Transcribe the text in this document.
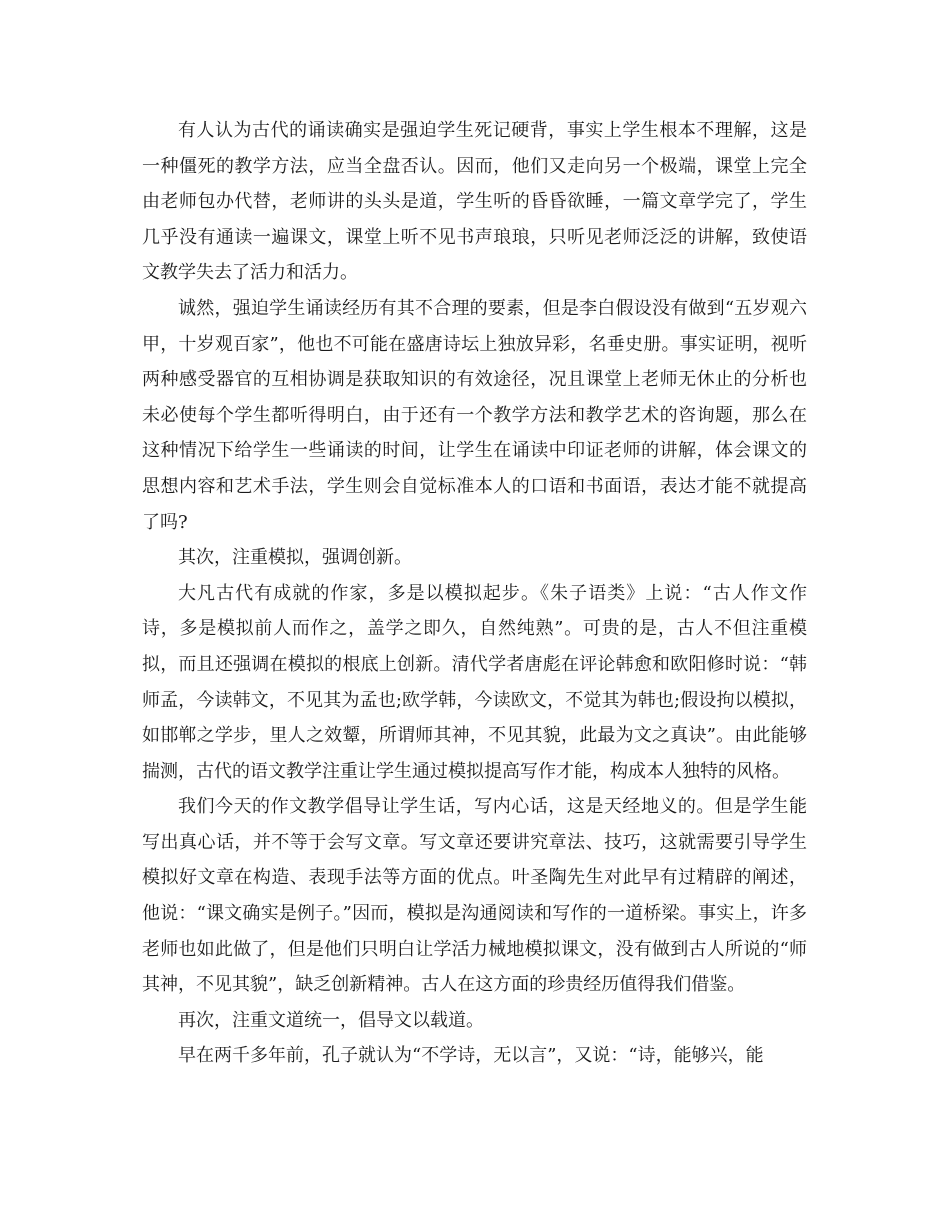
有人认为古代的诵读确实是强迫学生死记硬背，事实上学生根本不理解，这是一种僵死的教学方法，应当全盘否认。因而，他们又走向另一个极端，课堂上完全由老师包办代替，老师讲的头头是道，学生听的昏昏欲睡，一篇文章学完了，学生几乎没有通读一遍课文，课堂上听不见书声琅琅，只听见老师泛泛的讲解，致使语文教学失去了活力和活力。

诚然，强迫学生诵读经历有其不合理的要素，但是李白假设没有做到“五岁观六甲，十岁观百家”，他也不可能在盛唐诗坛上独放异彩，名垂史册。事实证明，视听两种感受器官的互相协调是获取知识的有效途径，况且课堂上老师无休止的分析也未必使每个学生都听得明白，由于还有一个教学方法和教学艺术的咨询题，那么在这种情况下给学生一些诵读的时间，让学生在诵读中印证老师的讲解，体会课文的思想内容和艺术手法，学生则会自觉标准本人的口语和书面语，表达才能不就提高了吗?

其次，注重模拟，强调创新。

大凡古代有成就的作家，多是以模拟起步。《朱子语类》上说：“古人作文作诗，多是模拟前人而作之，盖学之即久，自然纯熟”。可贵的是，古人不但注重模拟，而且还强调在模拟的根底上创新。清代学者唐彪在评论韩愈和欧阳修时说：“韩师孟，今读韩文，不见其为孟也;欧学韩，今读欧文，不觉其为韩也;假设拘以模拟，如邯郸之学步，里人之效颦，所谓师其神，不见其貌，此最为文之真诀”。由此能够揣测，古代的语文教学注重让学生通过模拟提高写作才能，构成本人独特的风格。

我们今天的作文教学倡导让学生话，写内心话，这是天经地义的。但是学生能写出真心话，并不等于会写文章。写文章还要讲究章法、技巧，这就需要引导学生模拟好文章在构造、表现手法等方面的优点。叶圣陶先生对此早有过精辟的阐述，他说：“课文确实是例子。”因而，模拟是沟通阅读和写作的一道桥梁。事实上，许多老师也如此做了，但是他们只明白让学活力械地模拟课文，没有做到古人所说的“师其神，不见其貌”，缺乏创新精神。古人在这方面的珍贵经历值得我们借鉴。

再次，注重文道统一，倡导文以载道。

早在两千多年前，孔子就认为“不学诗，无以言”，又说：“诗，能够兴，能
